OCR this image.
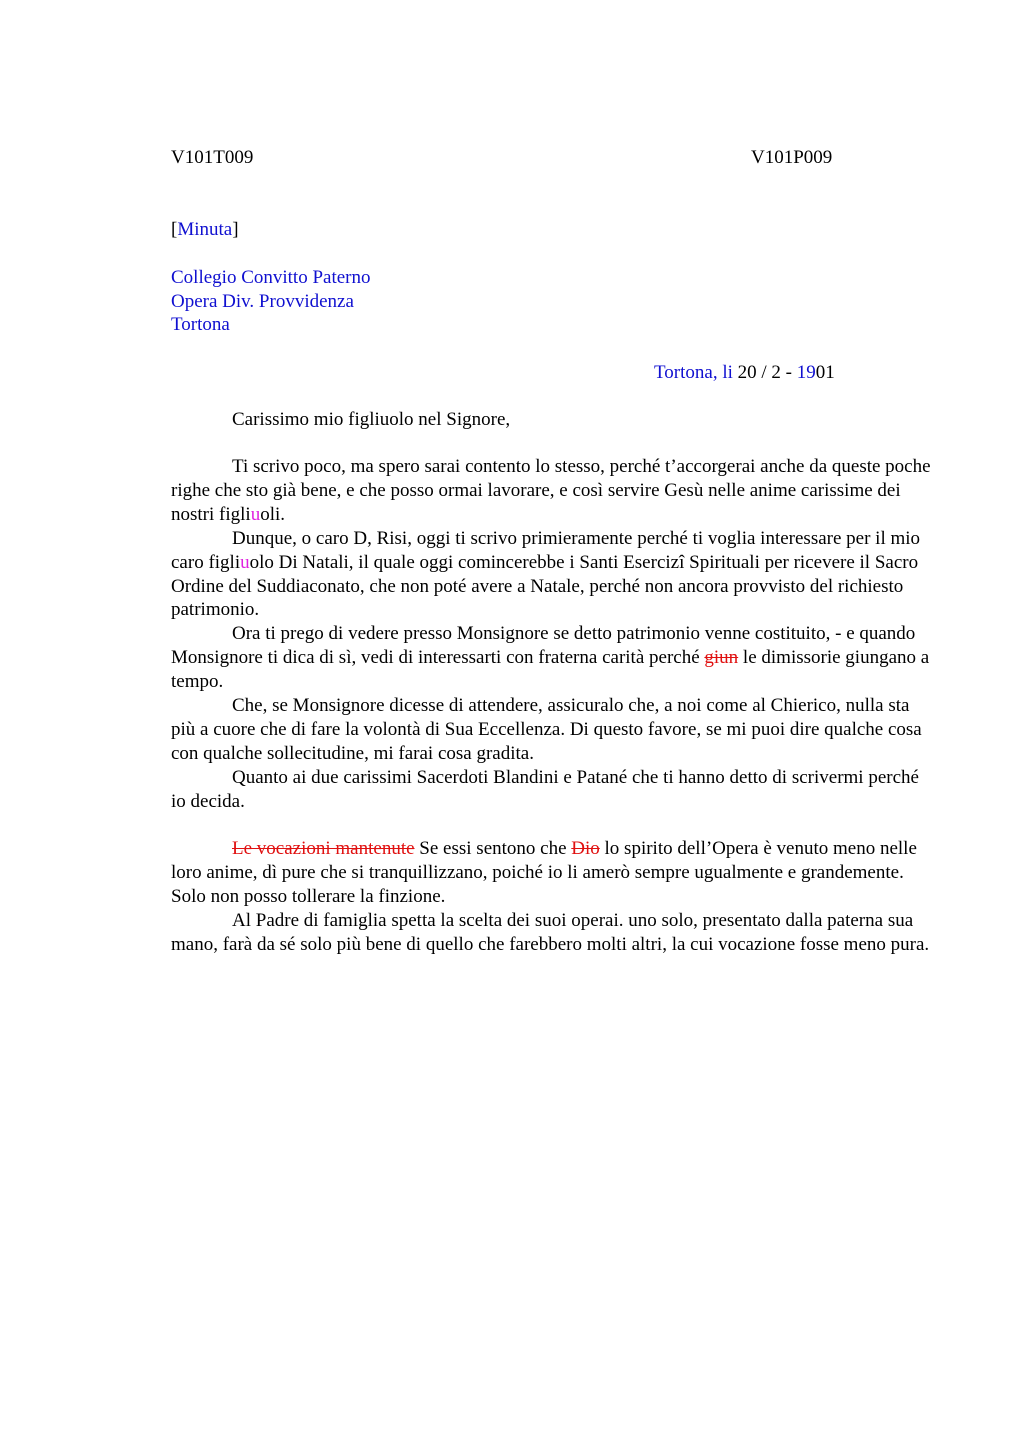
V101T009	V101P009
[Minuta]
Collegio Convitto Paterno
Opera Div. Provvidenza
Tortona
Tortona, li 20 / 2 - 1901
Carissimo mio figliuolo nel Signore,

Ti scrivo poco, ma spero sarai contento lo stesso, perché t’accorgerai anche da queste poche righe che sto già bene, e che posso ormai lavorare, e così servire Gesù nelle anime carissime dei nostri figliuoli.

Dunque, o caro D, Risi, oggi ti scrivo primieramente perché ti voglia interessare per il mio caro figliuolo Di Natali, il quale oggi comincerebbe i Santi Esercizi Spirituali per ricevere il Sacro Ordine del Suddiaconato, che non poté avere a Natale, perché non ancora provvisto del richiesto patrimonio.

Ora ti prego di vedere presso Monsignore se detto patrimonio venne costituito, - e quando Monsignore ti dica di sì, vedi di interessarti con fraterna carità perché giun le dimissorie giungano a tempo.

Che, se Monsignore dicesse di attendere, assicuralo che, a noi come al Chierico, nulla sta più a cuore che di fare la volontà di Sua Eccellenza. Di questo favore, se mi puoi dire qualche cosa con qualche sollecitudine, mi farai cosa gradita.

Quanto ai due carissimi Sacerdoti Blandini e Patané che ti hanno detto di scrivermi perché io decida.

Le vocazioni mantenute Se essi sentono che Dio lo spirito dell’Opera è venuto meno nelle loro anime, dì pure che si tranquillizzano, poiché io li amerò sempre ugualmente e grandemente. Solo non posso tollerare la finzione.

Al Padre di famiglia spetta la scelta dei suoi operai. uno solo, presentato dalla paterna sua mano, farà da sé solo più bene di quello che farebbero molti altri, la cui vocazione fosse meno pura.
